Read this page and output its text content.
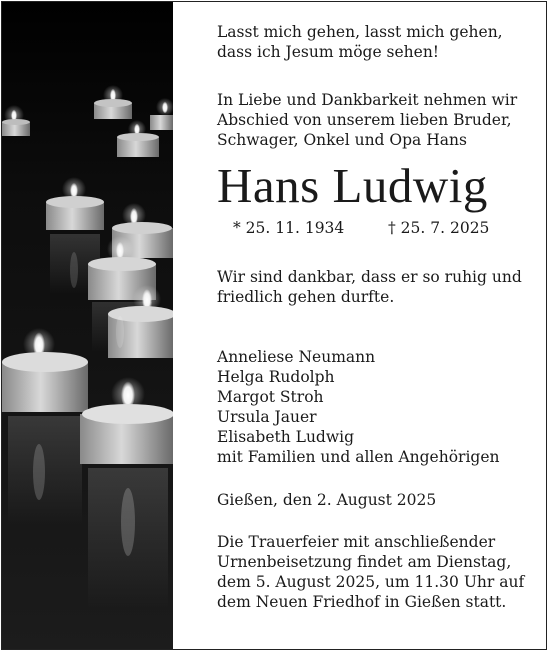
Lasst mich gehen, lasst mich gehen,
dass ich Jesum möge sehen!

In Liebe und Dankbarkeit nehmen wir
Abschied von unserem lieben Bruder,
Schwager, Onkel und Opa Hans

Hans Ludwig
* 25. 11. 1934	† 25. 7. 2025

Wir sind dankbar, dass er so ruhig und
friedlich gehen durfte.

Anneliese Neumann
Helga Rudolph
Margot Stroh
Ursula Jauer
Elisabeth Ludwig
mit Familien und allen Angehörigen

Gießen, den 2. August 2025

Die Trauerfeier mit anschließender
Urnenbeisetzung findet am Dienstag,
dem 5. August 2025, um 11.30 Uhr auf
dem Neuen Friedhof in Gießen statt.
